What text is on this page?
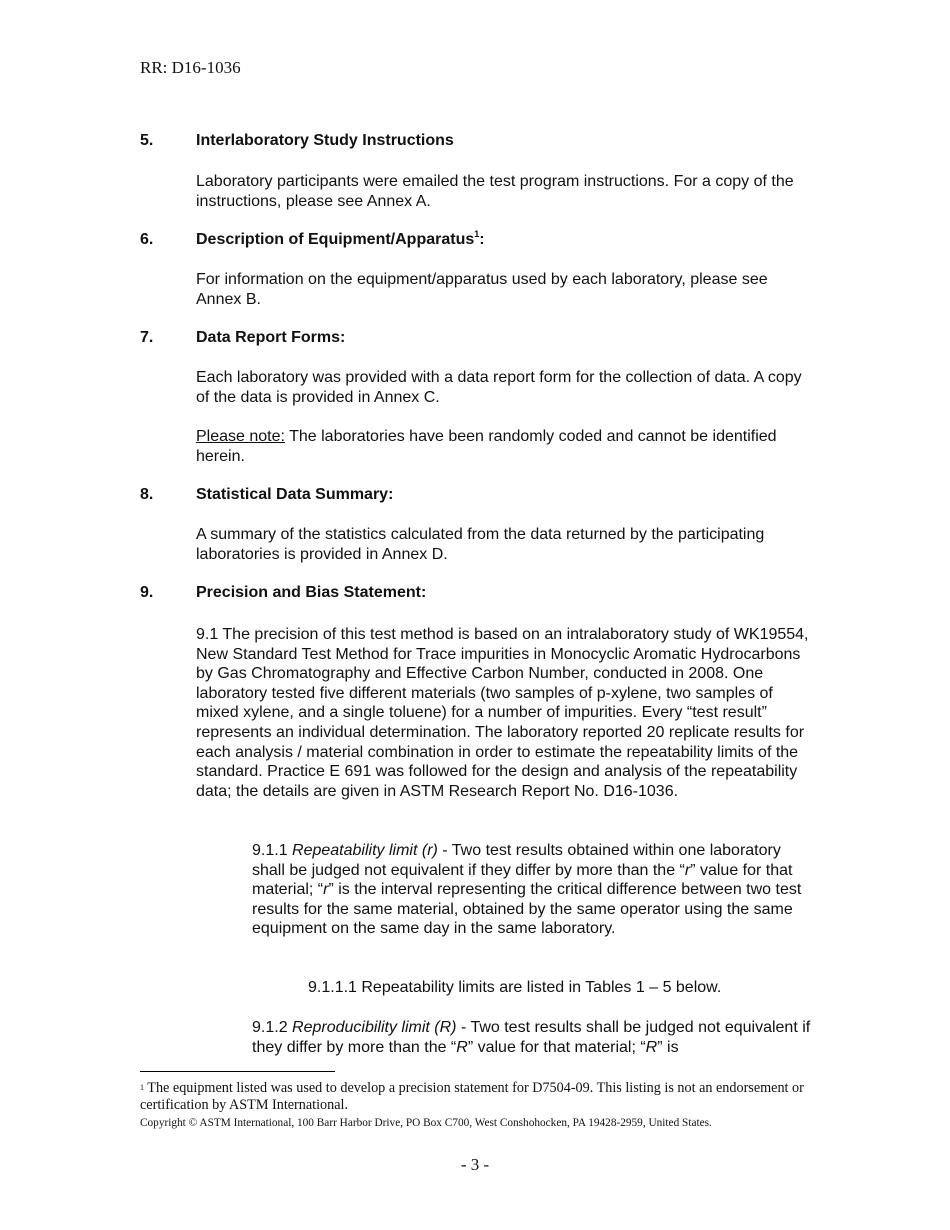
RR: D16-1036
5.	Interlaboratory Study Instructions
Laboratory participants were emailed the test program instructions. For a copy of the instructions, please see Annex A.
6.	Description of Equipment/Apparatus$^1$:
For information on the equipment/apparatus used by each laboratory, please see Annex B.
7.	Data Report Forms:
Each laboratory was provided with a data report form for the collection of data. A copy of the data is provided in Annex C.
Please note: The laboratories have been randomly coded and cannot be identified herein.
8.	Statistical Data Summary:
A summary of the statistics calculated from the data returned by the participating laboratories is provided in Annex D.
9.	Precision and Bias Statement:
9.1 The precision of this test method is based on an intralaboratory study of WK19554, New Standard Test Method for Trace impurities in Monocyclic Aromatic Hydrocarbons by Gas Chromatography and Effective Carbon Number, conducted in 2008. One laboratory tested five different materials (two samples of p-xylene, two samples of mixed xylene, and a single toluene) for a number of impurities. Every “test result” represents an individual determination. The laboratory reported 20 replicate results for each analysis / material combination in order to estimate the repeatability limits of the standard. Practice E 691 was followed for the design and analysis of the repeatability data; the details are given in ASTM Research Report No. D16-1036.
9.1.1 Repeatability limit (r) - Two test results obtained within one laboratory shall be judged not equivalent if they differ by more than the “r” value for that material; “r” is the interval representing the critical difference between two test results for the same material, obtained by the same operator using the same equipment on the same day in the same laboratory.
9.1.1.1 Repeatability limits are listed in Tables 1 – 5 below.
9.1.2 Reproducibility limit (R) - Two test results shall be judged not equivalent if they differ by more than the “R” value for that material; “R” is
$^1$ The equipment listed was used to develop a precision statement for D7504-09. This listing is not an endorsement or certification by ASTM International.
Copyright © ASTM International, 100 Barr Harbor Drive, PO Box C700, West Conshohocken, PA 19428-2959, United States.
- 3 -
